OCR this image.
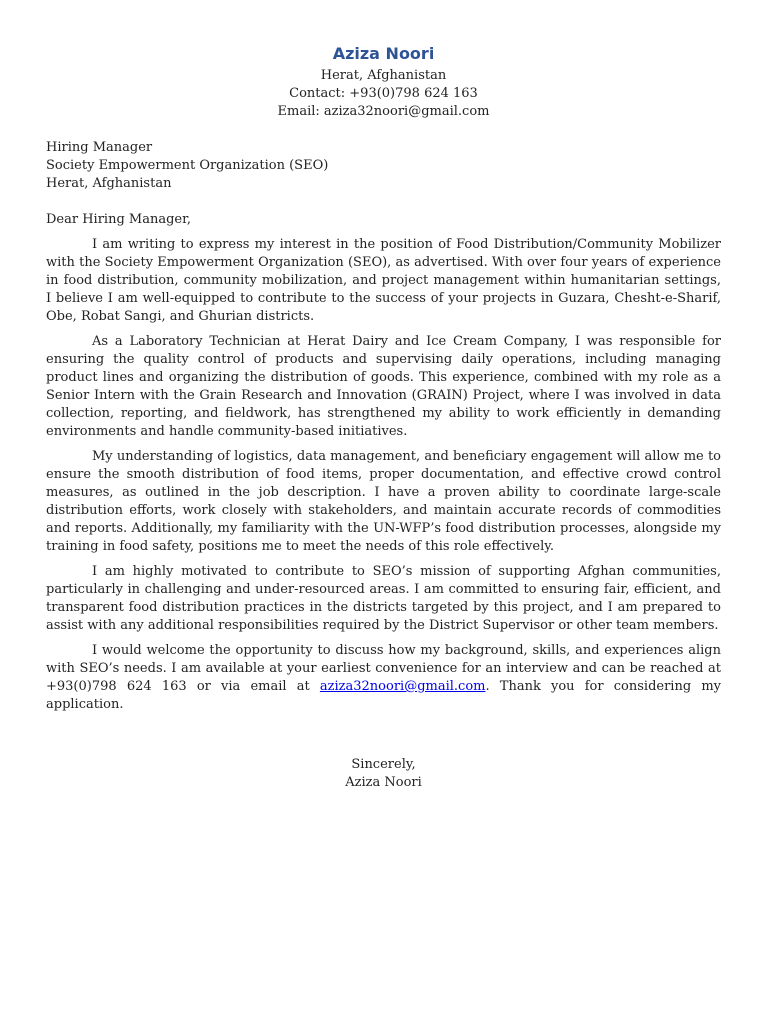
Aziza Noori
Herat, Afghanistan
Contact: +93(0)798 624 163
Email: aziza32noori@gmail.com
Hiring Manager
Society Empowerment Organization (SEO)
Herat, Afghanistan
Dear Hiring Manager,

I am writing to express my interest in the position of Food Distribution/Community Mobilizer with the Society Empowerment Organization (SEO), as advertised. With over four years of experience in food distribution, community mobilization, and project management within humanitarian settings, I believe I am well-equipped to contribute to the success of your projects in Guzara, Chesht-e-Sharif, Obe, Robat Sangi, and Ghurian districts.

As a Laboratory Technician at Herat Dairy and Ice Cream Company, I was responsible for ensuring the quality control of products and supervising daily operations, including managing product lines and organizing the distribution of goods. This experience, combined with my role as a Senior Intern with the Grain Research and Innovation (GRAIN) Project, where I was involved in data collection, reporting, and fieldwork, has strengthened my ability to work efficiently in demanding environments and handle community-based initiatives.

My understanding of logistics, data management, and beneficiary engagement will allow me to ensure the smooth distribution of food items, proper documentation, and effective crowd control measures, as outlined in the job description. I have a proven ability to coordinate large-scale distribution efforts, work closely with stakeholders, and maintain accurate records of commodities and reports. Additionally, my familiarity with the UN-WFP’s food distribution processes, alongside my training in food safety, positions me to meet the needs of this role effectively.

I am highly motivated to contribute to SEO’s mission of supporting Afghan communities, particularly in challenging and under-resourced areas. I am committed to ensuring fair, efficient, and transparent food distribution practices in the districts targeted by this project, and I am prepared to assist with any additional responsibilities required by the District Supervisor or other team members.

I would welcome the opportunity to discuss how my background, skills, and experiences align with SEO’s needs. I am available at your earliest convenience for an interview and can be reached at +93(0)798 624 163 or via email at aziza32noori@gmail.com. Thank you for considering my application.

Sincerely,
Aziza Noori
